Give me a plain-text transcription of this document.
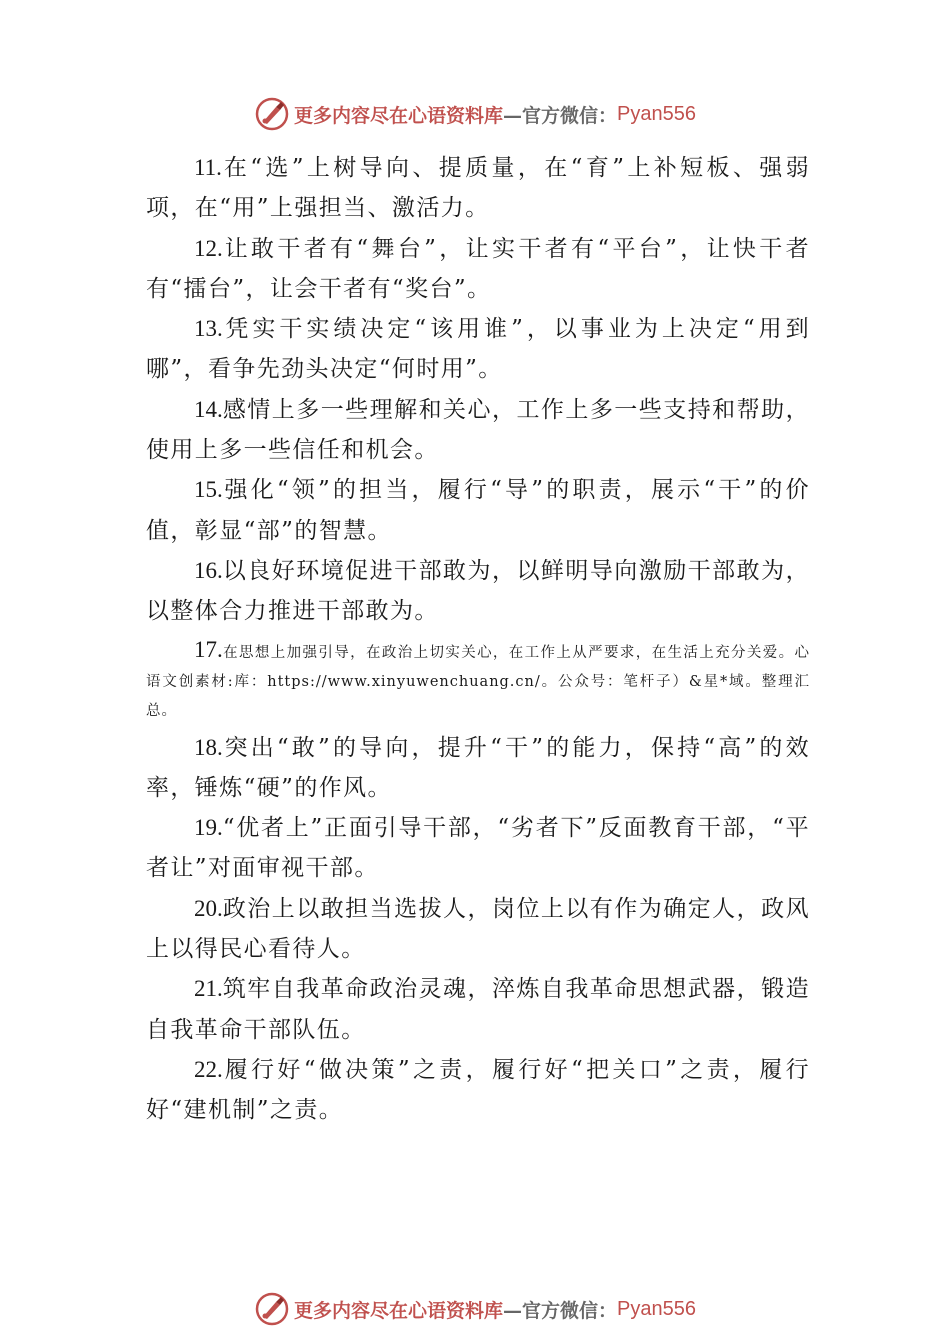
更多内容尽在心语资料库 —官方微信： Pyan556

11.在“选”上树导向、提质量，在“育”上补短板、强弱项，在“用”上强担当、激活力。

12.让敢干者有“舞台”，让实干者有“平台”，让快干者有“擂台”，让会干者有“奖台”。

13.凭实干实绩决定“该用谁”，以事业为上决定“用到哪”，看争先劲头决定“何时用”。

14.感情上多一些理解和关心，工作上多一些支持和帮助，使用上多一些信任和机会。

15.强化“领”的担当，履行“导”的职责，展示“干”的价值，彰显“部”的智慧。

16.以良好环境促进干部敢为，以鲜明导向激励干部敢为，以整体合力推进干部敢为。

17.在思想上加强引导，在政治上切实关心，在工作上从严要求，在生活上充分关爱。心语文创素材:库：https://www.xinyuwenchuang.cn/。公众号：笔杆子）&星*域。整理汇总。

18.突出“敢”的导向，提升“干”的能力，保持“高”的效率，锤炼“硬”的作风。

19.“优者上”正面引导干部，“劣者下”反面教育干部，“平者让”对面审视干部。

20.政治上以敢担当选拔人，岗位上以有作为确定人，政风上以得民心看待人。

21.筑牢自我革命政治灵魂，淬炼自我革命思想武器，锻造自我革命干部队伍。

22.履行好“做决策”之责，履行好“把关口”之责，履行好“建机制”之责。

更多内容尽在心语资料库 —官方微信： Pyan556
